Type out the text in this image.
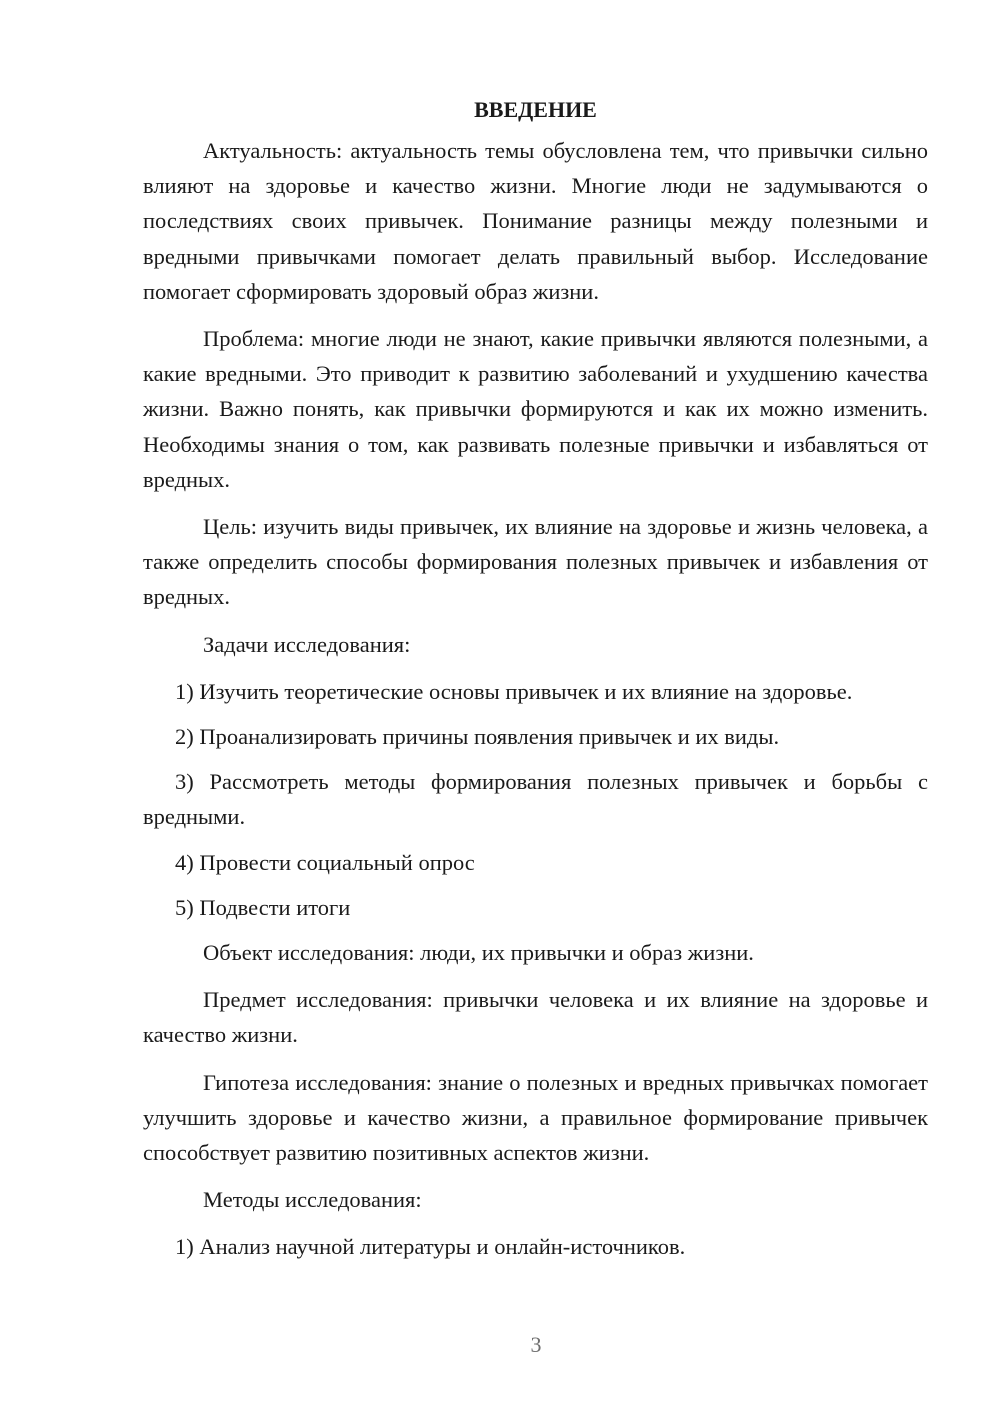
ВВЕДЕНИЕ

Актуальность: актуальность темы обусловлена тем, что привычки сильно влияют на здоровье и качество жизни. Многие люди не задумываются о последствиях своих привычек. Понимание разницы между полезными и вредными привычками помогает делать правильный выбор. Исследование помогает сформировать здоровый образ жизни.

Проблема: многие люди не знают, какие привычки являются полезными, а какие вредными. Это приводит к развитию заболеваний и ухудшению качества жизни. Важно понять, как привычки формируются и как их можно изменить. Необходимы знания о том, как развивать полезные привычки и избавляться от вредных.

Цель: изучить виды привычек, их влияние на здоровье и жизнь человека, а также определить способы формирования полезных привычек и избавления от вредных.

Задачи исследования:

1) Изучить теоретические основы привычек и их влияние на здоровье.

2) Проанализировать причины появления привычек и их виды.

3) Рассмотреть методы формирования полезных привычек и борьбы с вредными.

4) Провести социальный опрос

5) Подвести итоги

Объект исследования: люди, их привычки и образ жизни.

Предмет исследования: привычки человека и их влияние на здоровье и качество жизни.

Гипотеза исследования: знание о полезных и вредных привычках помогает улучшить здоровье и качество жизни, а правильное формирование привычек способствует развитию позитивных аспектов жизни.

Методы исследования:

1) Анализ научной литературы и онлайн-источников.

3
